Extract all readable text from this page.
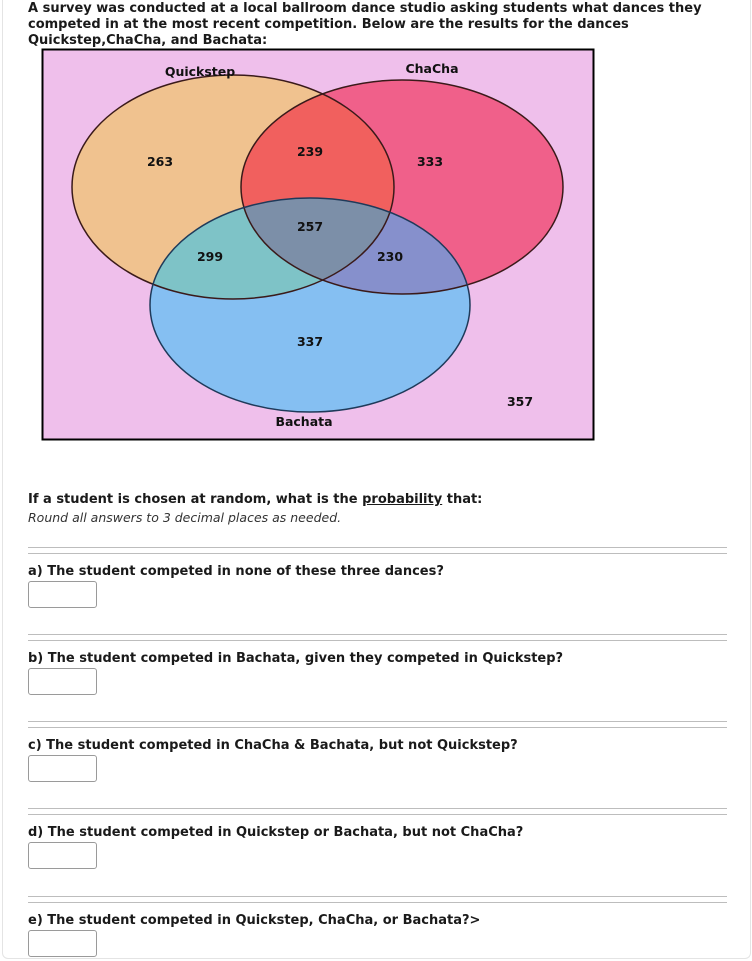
A survey was conducted at a local ballroom dance studio asking students what dances they competed in at the most recent competition. Below are the results for the dances Quickstep,ChaCha, and Bachata:

Quickstep	ChaCha
Bachata
263
239
333
257
299	230
337
357

If a student is chosen at random, what is the probability that:

Round all answers to 3 decimal places as needed.

a) The student competed in none of these three dances?

b) The student competed in Bachata, given they competed in Quickstep?

c) The student competed in ChaCha & Bachata, but not Quickstep?

d) The student competed in Quickstep or Bachata, but not ChaCha?

e) The student competed in Quickstep, ChaCha, or Bachata?>
